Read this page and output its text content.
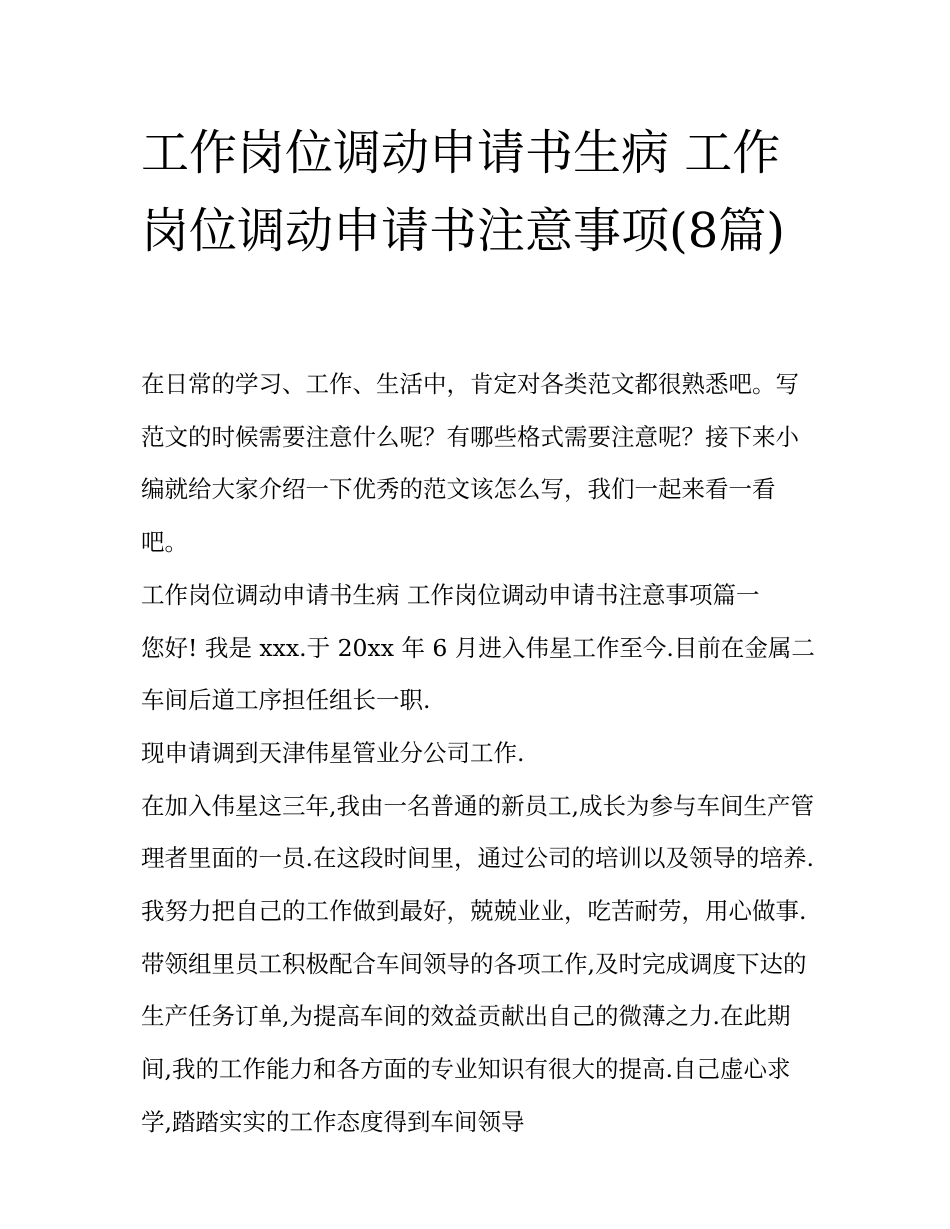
工作岗位调动申请书生病 工作岗位调动申请书注意事项(8篇)

在日常的学习、工作、生活中，肯定对各类范文都很熟悉吧。写范文的时候需要注意什么呢？有哪些格式需要注意呢？接下来小编就给大家介绍一下优秀的范文该怎么写，我们一起来看一看吧。

工作岗位调动申请书生病 工作岗位调动申请书注意事项篇一

您好! 我是 xxx.于 20xx 年 6 月进入伟星工作至今.目前在金属二车间后道工序担任组长一职.

现申请调到天津伟星管业分公司工作.

在加入伟星这三年,我由一名普通的新员工,成长为参与车间生产管理者里面的一员.在这段时间里，通过公司的培训以及领导的培养.我努力把自己的工作做到最好，兢兢业业，吃苦耐劳，用心做事.带领组里员工积极配合车间领导的各项工作,及时完成调度下达的生产任务订单,为提高车间的效益贡献出自己的微薄之力.在此期间,我的工作能力和各方面的专业知识有很大的提高.自己虚心求学,踏踏实实的工作态度得到车间领导
